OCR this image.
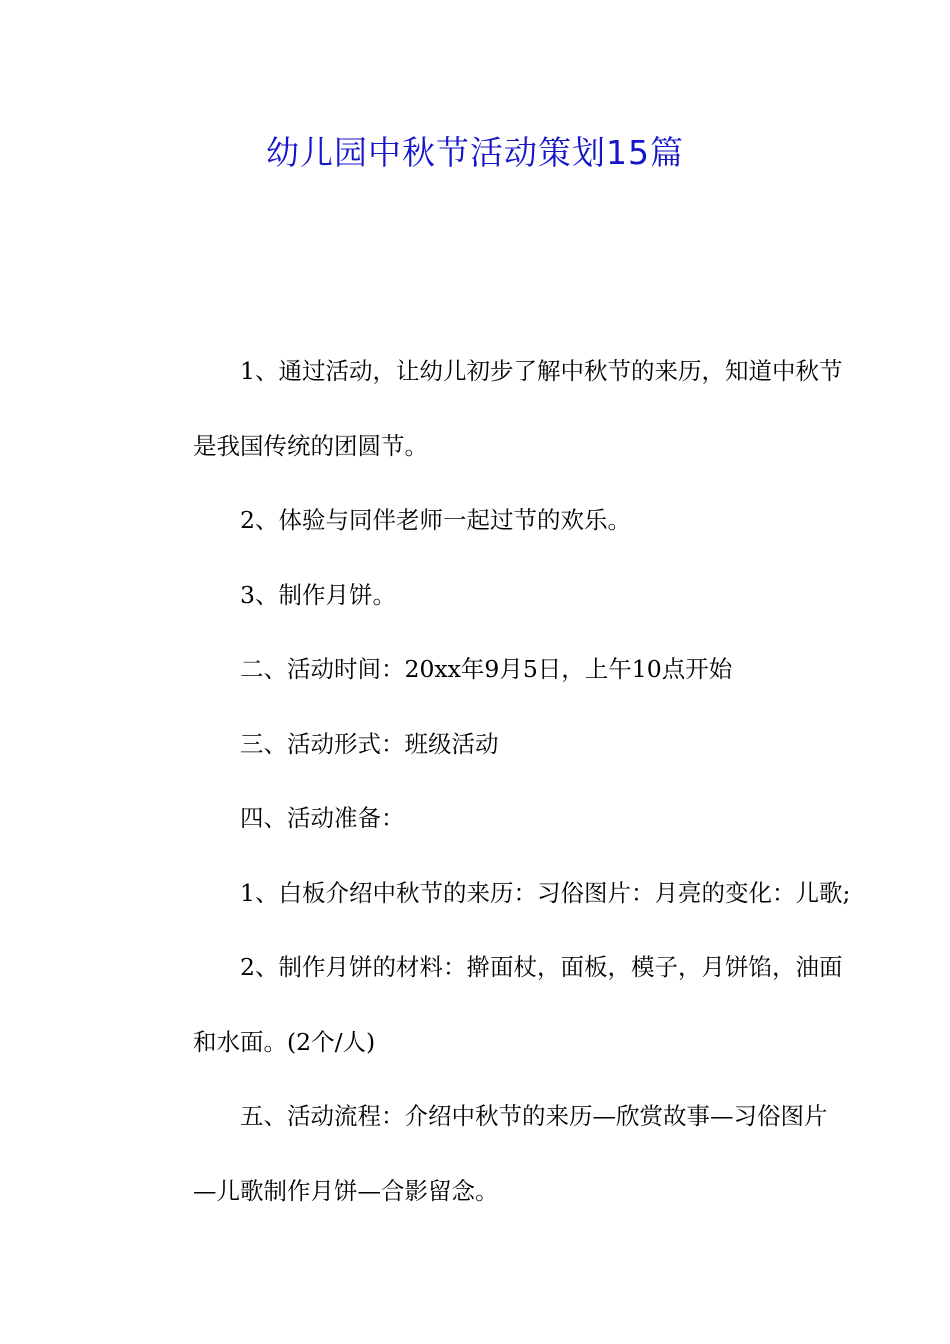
幼儿园中秋节活动策划15篇
1、通过活动，让幼儿初步了解中秋节的来历，知道中秋节
是我国传统的团圆节。
2、体验与同伴老师一起过节的欢乐。
3、制作月饼。
二、活动时间：20xx年9月5日，上午10点开始
三、活动形式：班级活动
四、活动准备：
1、白板介绍中秋节的来历：习俗图片：月亮的变化：儿歌;
2、制作月饼的材料：擀面杖，面板，模子，月饼馅，油面
和水面。(2个/人)
五、活动流程：介绍中秋节的来历—欣赏故事—习俗图片
—儿歌制作月饼—合影留念。
